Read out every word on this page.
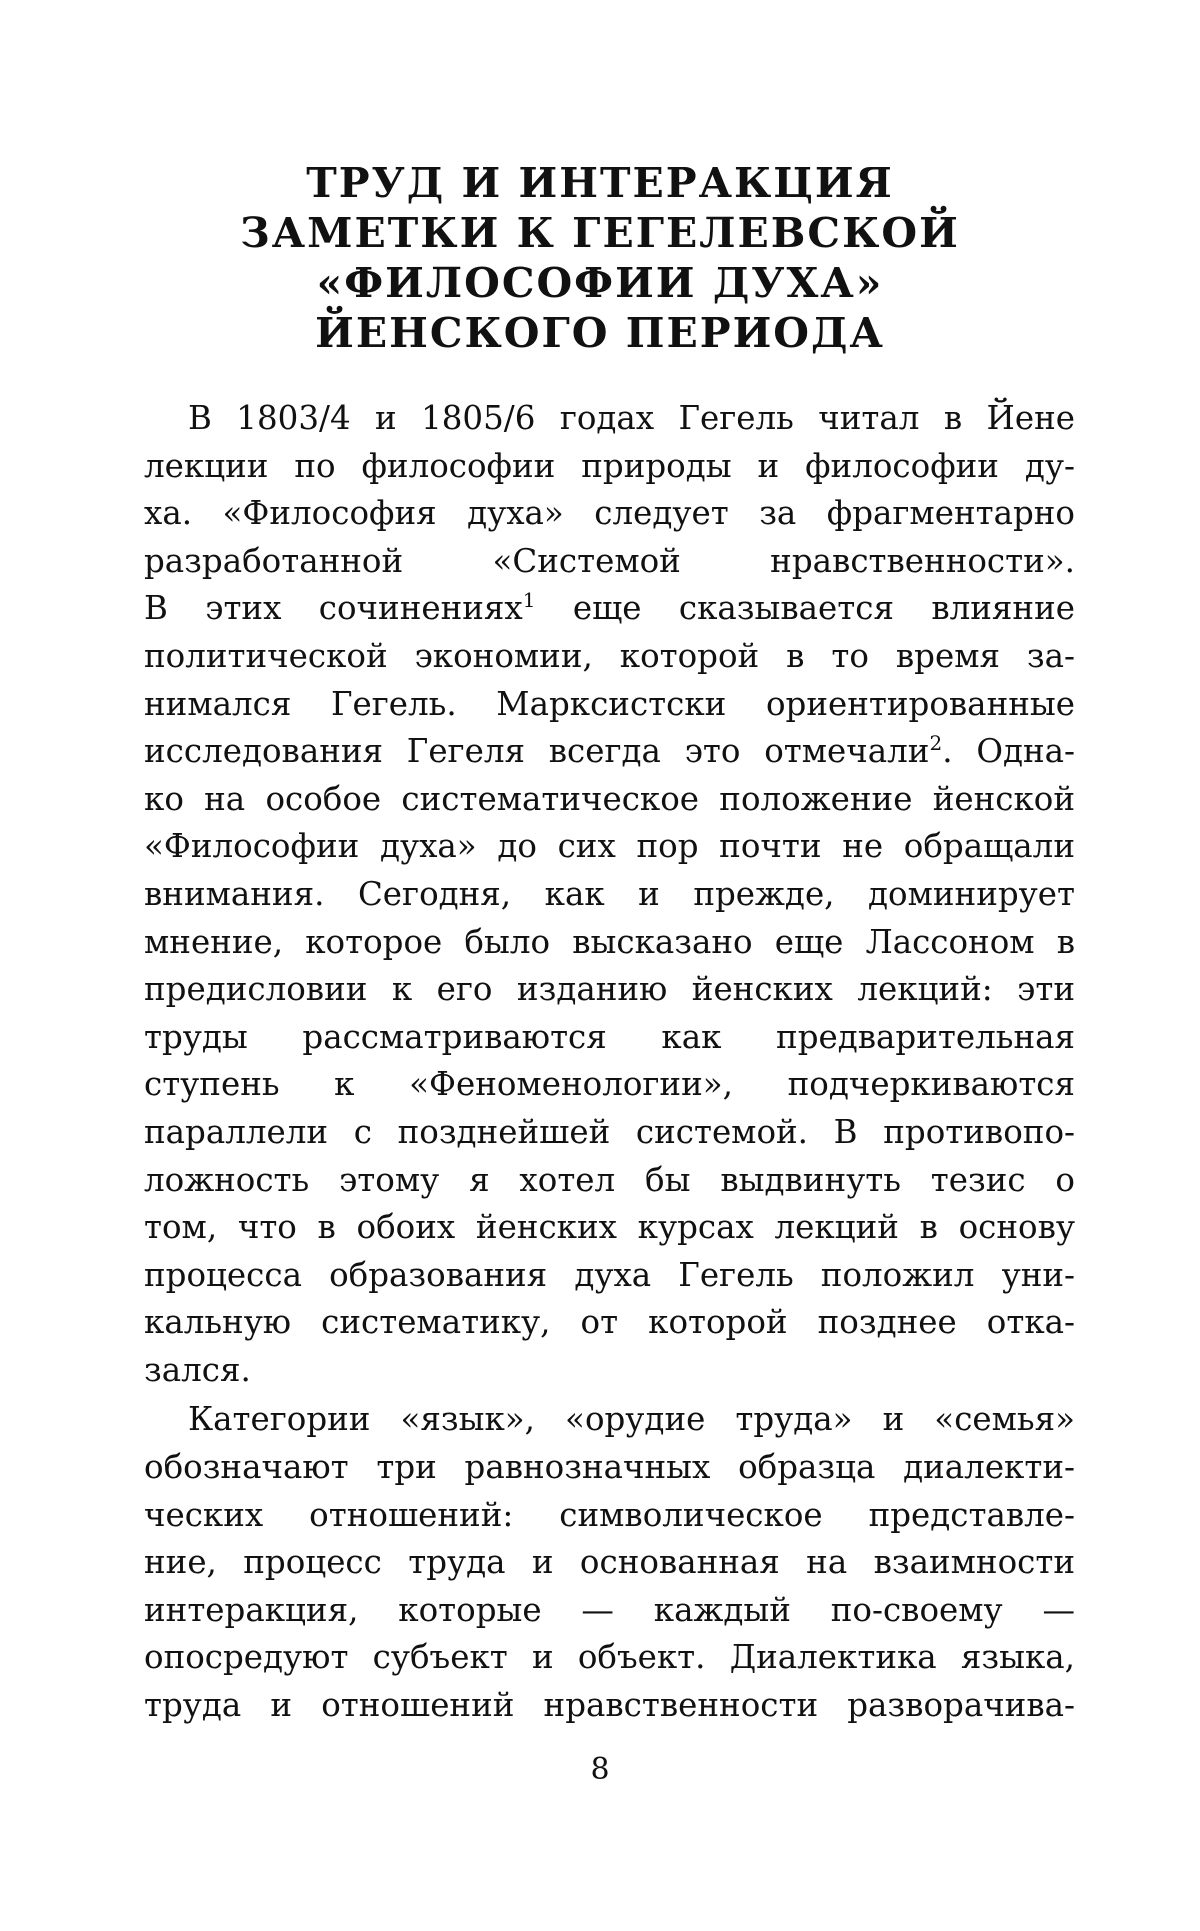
ТРУД И ИНТЕРАКЦИЯ
ЗАМЕТКИ К ГЕГЕЛЕВСКОЙ
«ФИЛОСОФИИ ДУХА»
ЙЕНСКОГО ПЕРИОДА

В 1803/4 и 1805/6 годах Гегель читал в Йене
лекции по философии природы и философии ду-
ха. «Философия духа» следует за фрагментарно
разработанной «Системой нравственности».
В этих сочинениях$^1$ еще сказывается влияние
политической экономии, которой в то время за-
нимался Гегель. Марксистски ориентированные
исследования Гегеля всегда это отмечали$^2$. Одна-
ко на особое систематическое положение йенской
«Философии духа» до сих пор почти не обращали
внимания. Сегодня, как и прежде, доминирует
мнение, которое было высказано еще Лассоном в
предисловии к его изданию йенских лекций: эти
труды рассматриваются как предварительная
ступень к «Феноменологии», подчеркиваются
параллели с позднейшей системой. В противопо-
ложность этому я хотел бы выдвинуть тезис о
том, что в обоих йенских курсах лекций в основу
процесса образования духа Гегель положил уни-
кальную систематику, от которой позднее отка-
зался.

Категории «язык», «орудие труда» и «семья»
обозначают три равнозначных образца диалекти-
ческих отношений: символическое представле-
ние, процесс труда и основанная на взаимности
интеракция, которые — каждый по-своему —
опосредуют субъект и объект. Диалектика языка,
труда и отношений нравственности разворачива-

8
